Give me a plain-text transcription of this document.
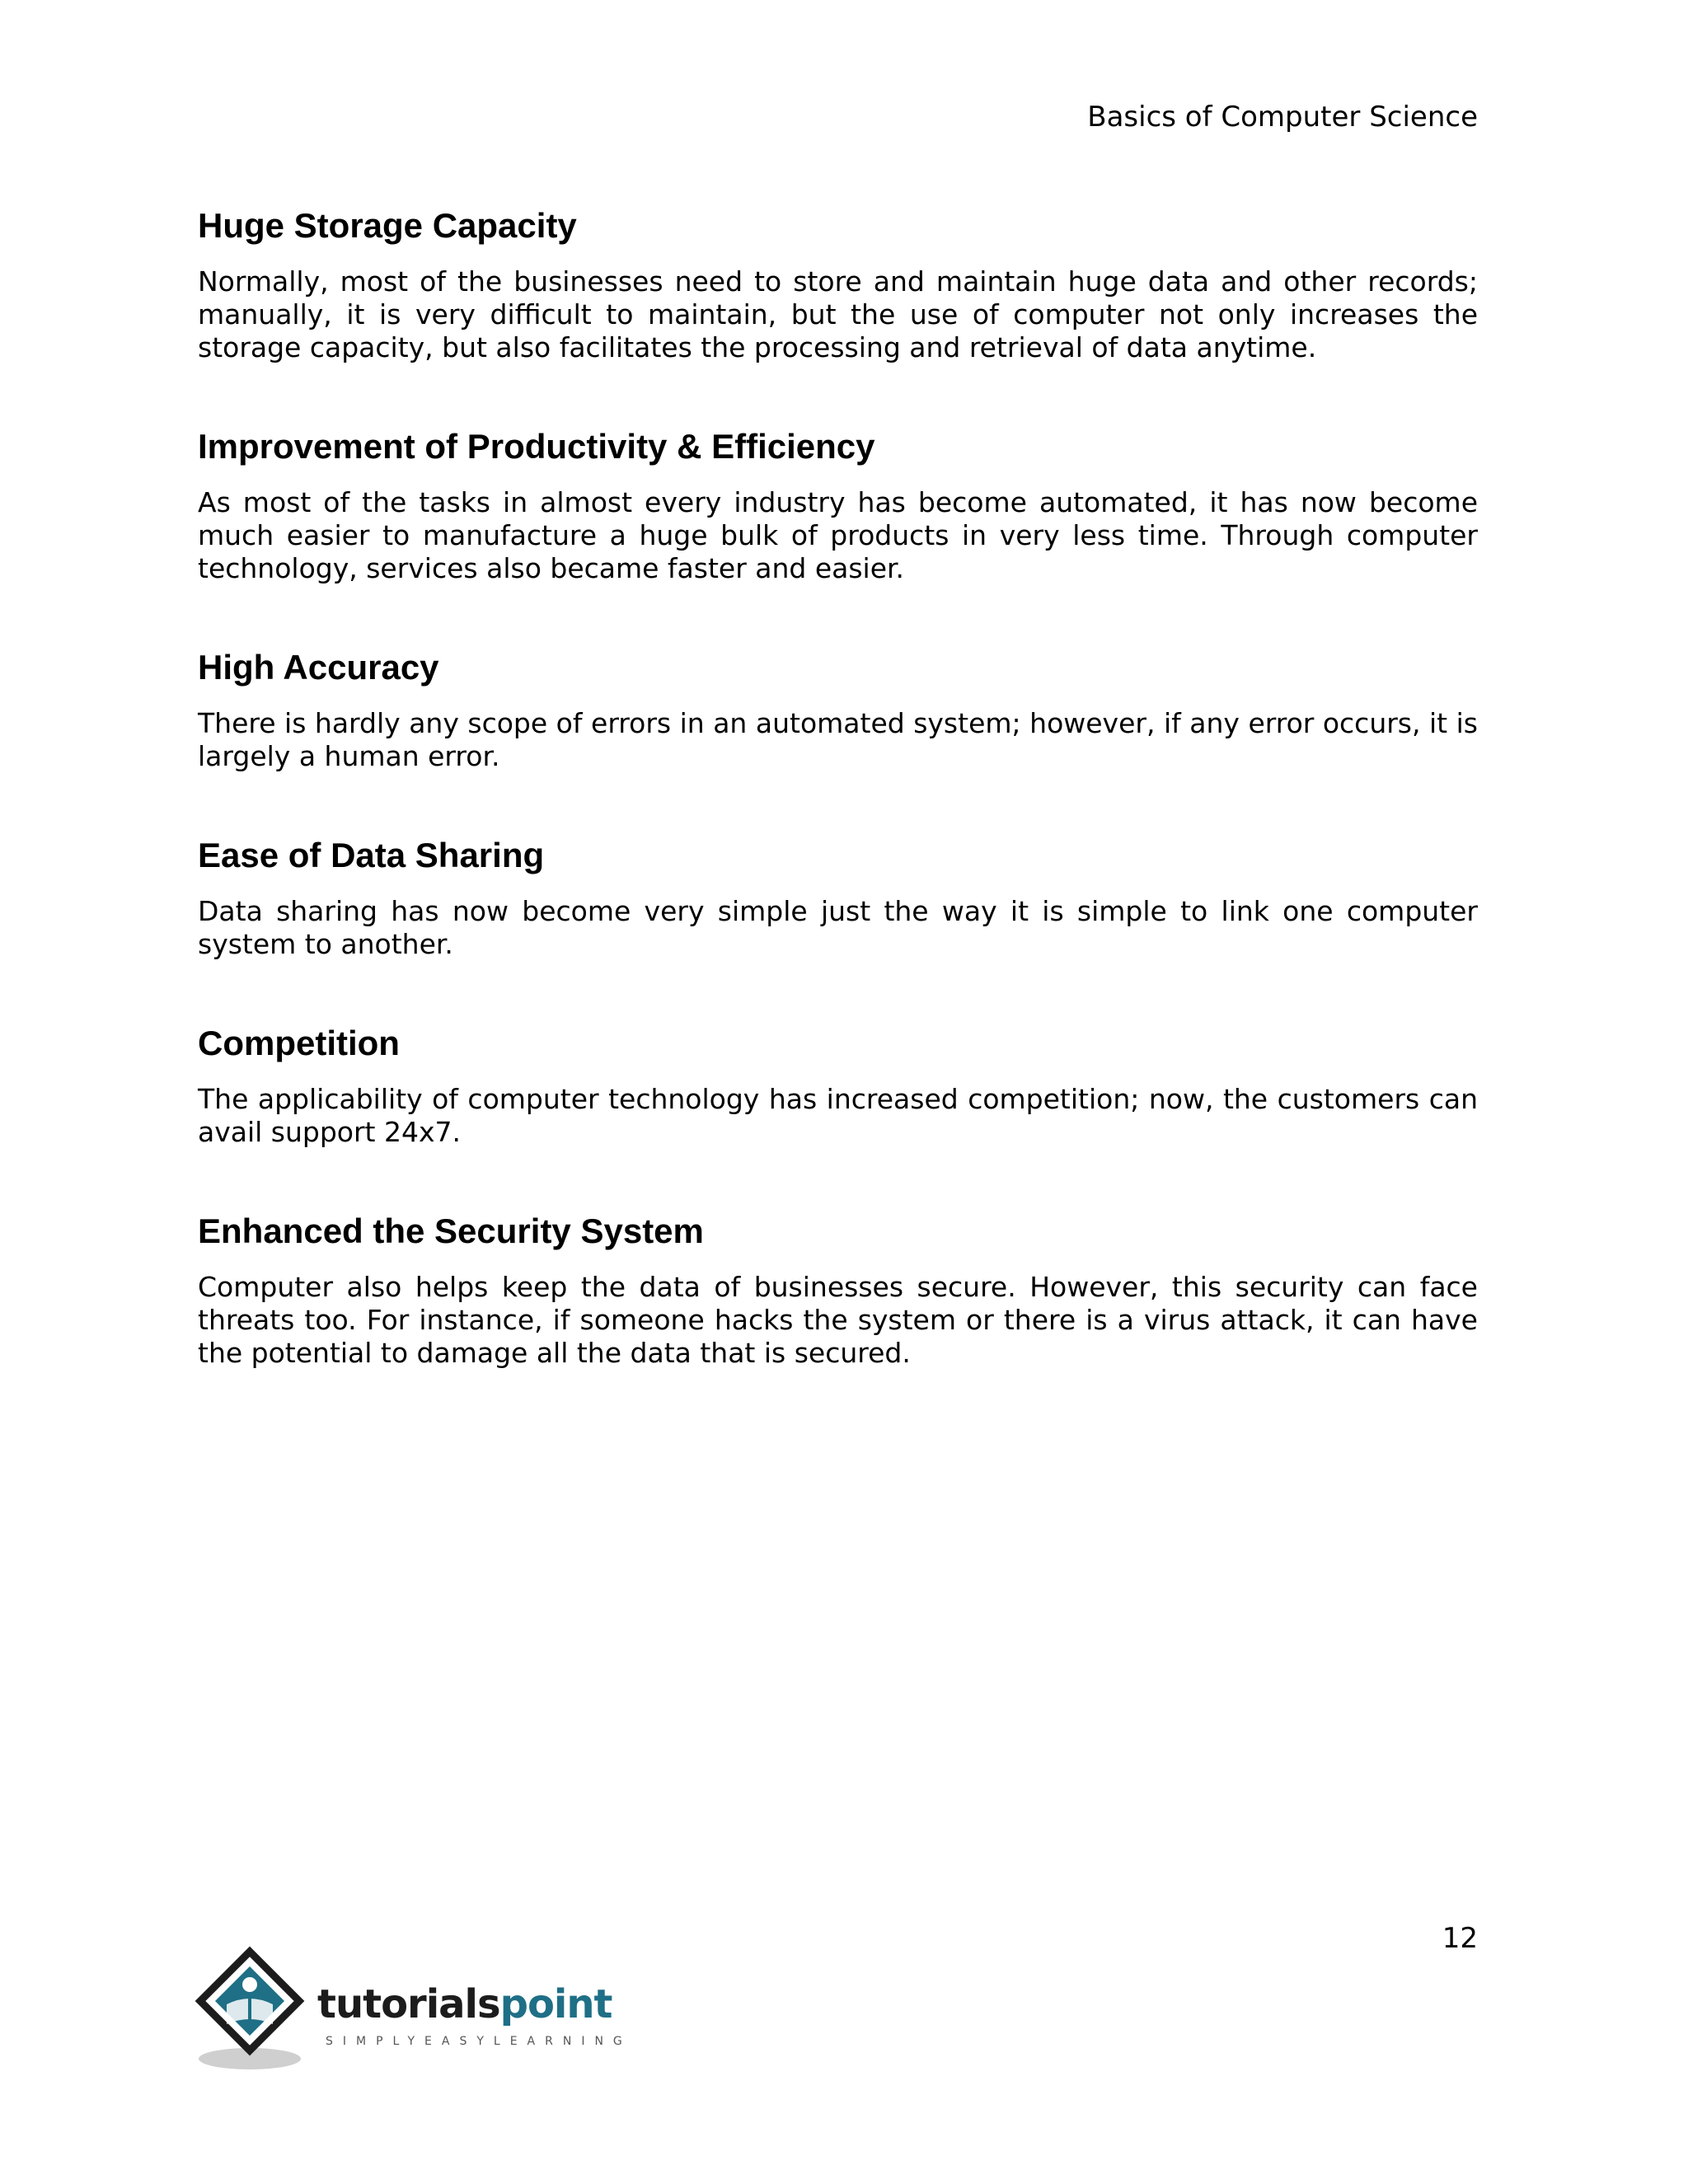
Basics of Computer Science
Huge Storage Capacity

Normally, most of the businesses need to store and maintain huge data and other records; manually, it is very difficult to maintain, but the use of computer not only increases the storage capacity, but also facilitates the processing and retrieval of data anytime.

Improvement of Productivity & Efficiency

As most of the tasks in almost every industry has become automated, it has now become much easier to manufacture a huge bulk of products in very less time. Through computer technology, services also became faster and easier.

High Accuracy

There is hardly any scope of errors in an automated system; however, if any error occurs, it is largely a human error.

Ease of Data Sharing

Data sharing has now become very simple just the way it is simple to link one computer system to another.

Competition

The applicability of computer technology has increased competition; now, the customers can avail support 24x7.

Enhanced the Security System

Computer also helps keep the data of businesses secure. However, this security can face threats too. For instance, if someone hacks the system or there is a virus attack, it can have the potential to damage all the data that is secured.

12
tutorialspoint
SIMPLYEASYLEARNING
